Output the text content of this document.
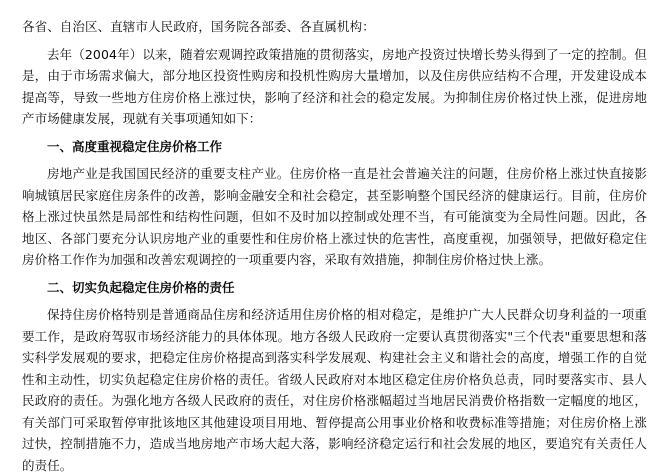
各省、自治区、直辖市人民政府，国务院各部委、各直属机构：

去年（2004年）以来，随着宏观调控政策措施的贯彻落实，房地产投资过快增长势头得到了一定的控制。但是，由于市场需求偏大，部分地区投资性购房和投机性购房大量增加，以及住房供应结构不合理，开发建设成本提高等，导致一些地方住房价格上涨过快，影响了经济和社会的稳定发展。为抑制住房价格过快上涨，促进房地产市场健康发展，现就有关事项通知如下：

一、高度重视稳定住房价格工作

房地产业是我国国民经济的重要支柱产业。住房价格一直是社会普遍关注的问题，住房价格上涨过快直接影响城镇居民家庭住房条件的改善，影响金融安全和社会稳定，甚至影响整个国民经济的健康运行。目前，住房价格上涨过快虽然是局部性和结构性问题，但如不及时加以控制或处理不当，有可能演变为全局性问题。因此，各地区、各部门要充分认识房地产业的重要性和住房价格上涨过快的危害性，高度重视，加强领导，把做好稳定住房价格工作作为加强和改善宏观调控的一项重要内容，采取有效措施，抑制住房价格过快上涨。

二、切实负起稳定住房价格的责任

保持住房价格特别是普通商品住房和经济适用住房价格的相对稳定，是维护广大人民群众切身利益的一项重要工作，是政府驾驭市场经济能力的具体体现。地方各级人民政府一定要认真贯彻落实"三个代表"重要思想和落实科学发展观的要求，把稳定住房价格提高到落实科学发展观、构建社会主义和谐社会的高度，增强工作的自觉性和主动性，切实负起稳定住房价格的责任。省级人民政府对本地区稳定住房价格负总责，同时要落实市、县人民政府的责任。为强化地方各级人民政府的责任，对住房价格涨幅超过当地居民消费价格指数一定幅度的地区，有关部门可采取暂停审批该地区其他建设项目用地、暂停提高公用事业价格和收费标准等措施；对住房价格上涨过快，控制措施不力，造成当地房地产市场大起大落，影响经济稳定运行和社会发展的地区，要追究有关责任人的责任。
